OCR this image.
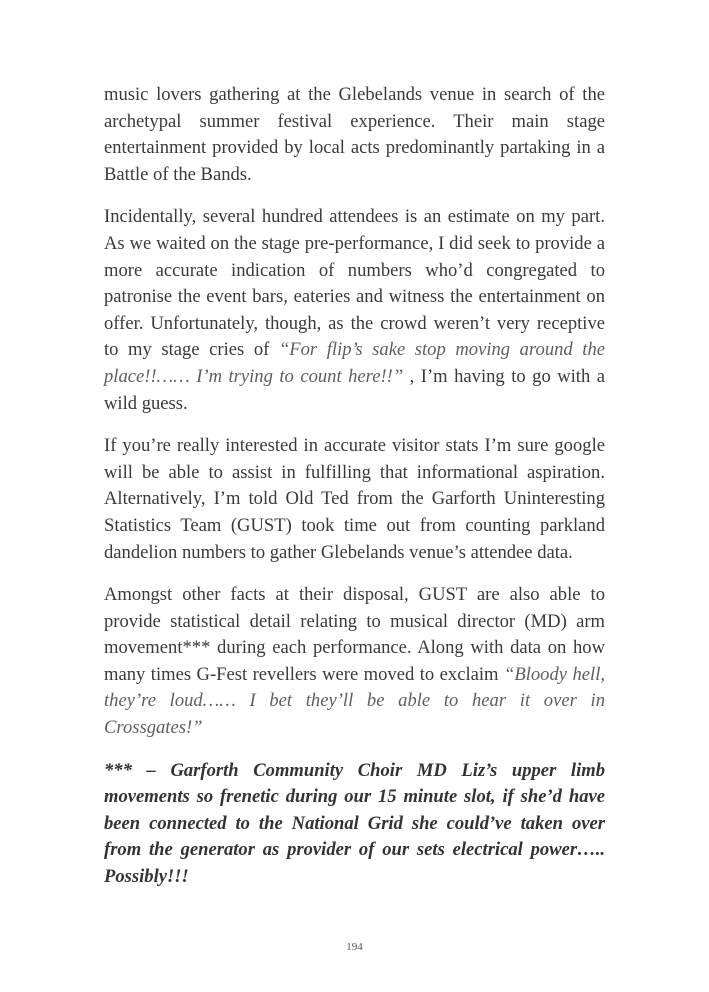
music lovers gathering at the Glebelands venue in search of the archetypal summer festival experience. Their main stage entertainment provided by local acts predominantly partaking in a Battle of the Bands.

Incidentally, several hundred attendees is an estimate on my part. As we waited on the stage pre-performance, I did seek to provide a more accurate indication of numbers who’d congregated to patronise the event bars, eateries and witness the entertainment on offer. Unfortunately, though, as the crowd weren’t very receptive to my stage cries of “For flip’s sake stop moving around the place!!…… I’m trying to count here!!” , I’m having to go with a wild guess.

If you’re really interested in accurate visitor stats I’m sure google will be able to assist in fulfilling that informational aspiration. Alternatively, I’m told Old Ted from the Garforth Uninteresting Statistics Team (GUST) took time out from counting parkland dandelion numbers to gather Glebelands venue’s attendee data.

Amongst other facts at their disposal, GUST are also able to provide statistical detail relating to musical director (MD) arm movement*** during each performance. Along with data on how many times G-Fest revellers were moved to exclaim “Bloody hell, they’re loud…… I bet they’ll be able to hear it over in Crossgates!”

*** – Garforth Community Choir MD Liz’s upper limb movements so frenetic during our 15 minute slot, if she’d have been connected to the National Grid she could’ve taken over from the generator as provider of our sets electrical power….. Possibly!!!

194
